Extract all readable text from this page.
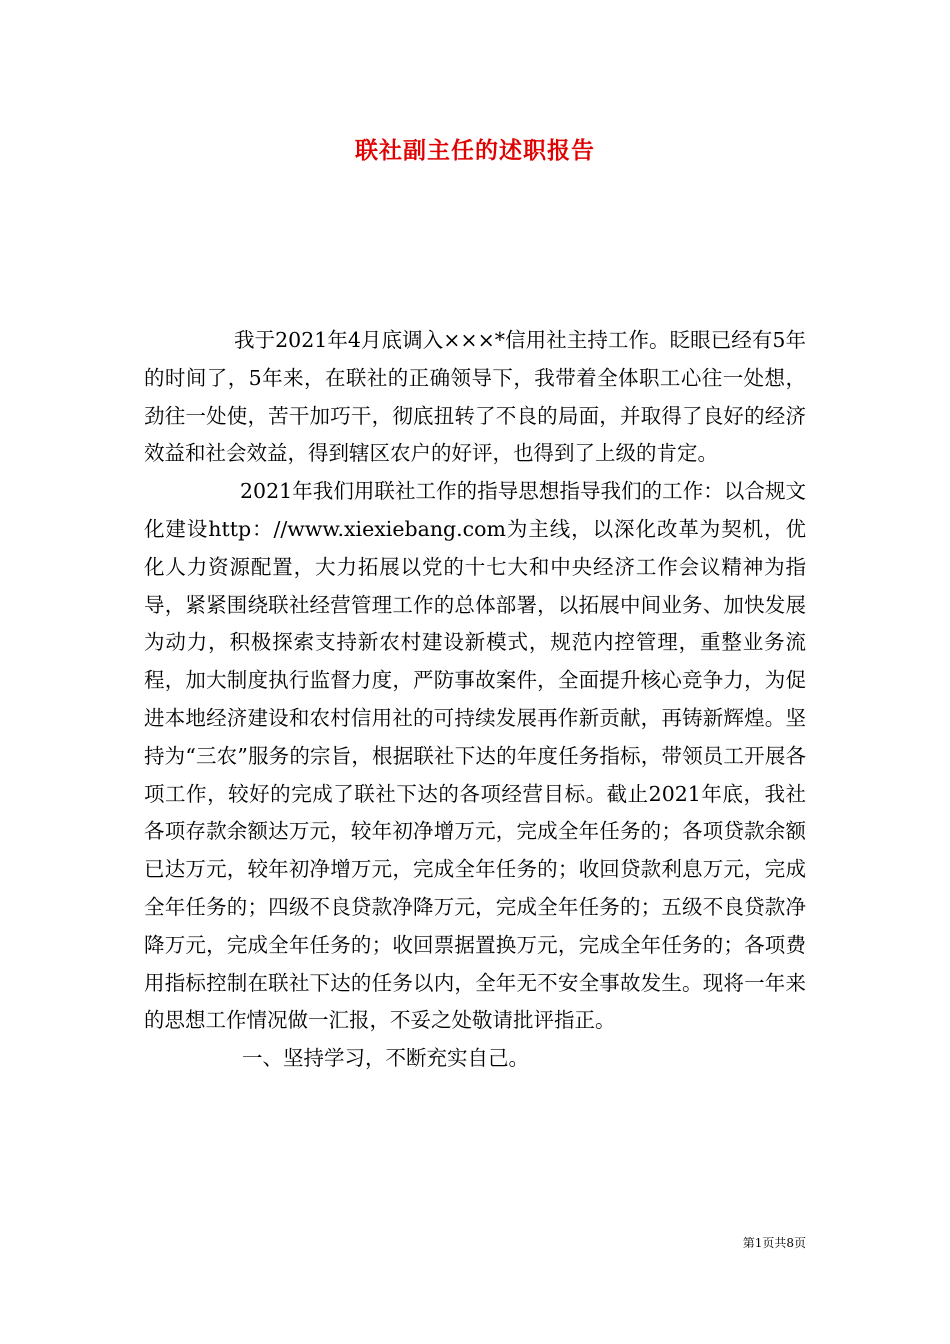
联社副主任的述职报告

我于2021年4月底调入×××*信用社主持工作。眨眼已经有5年的时间了，5年来，在联社的正确领导下，我带着全体职工心往一处想，劲往一处使，苦干加巧干，彻底扭转了不良的局面，并取得了良好的经济效益和社会效益，得到辖区农户的好评，也得到了上级的肯定。

2021年我们用联社工作的指导思想指导我们的工作：以合规文化建设http：//www.xiexiebang.com为主线，以深化改革为契机，优化人力资源配置，大力拓展以党的十七大和中央经济工作会议精神为指导，紧紧围绕联社经营管理工作的总体部署，以拓展中间业务、加快发展为动力，积极探索支持新农村建设新模式，规范内控管理，重整业务流程，加大制度执行监督力度，严防事故案件，全面提升核心竞争力，为促进本地经济建设和农村信用社的可持续发展再作新贡献，再铸新辉煌。坚持为“三农”服务的宗旨，根据联社下达的年度任务指标，带领员工开展各项工作，较好的完成了联社下达的各项经营目标。截止2021年底，我社各项存款余额达万元，较年初净增万元，完成全年任务的；各项贷款余额已达万元，较年初净增万元，完成全年任务的；收回贷款利息万元，完成全年任务的；四级不良贷款净降万元，完成全年任务的；五级不良贷款净降万元，完成全年任务的；收回票据置换万元，完成全年任务的；各项费用指标控制在联社下达的任务以内，全年无不安全事故发生。现将一年来的思想工作情况做一汇报，不妥之处敬请批评指正。

一、坚持学习，不断充实自己。

第1页共8页
